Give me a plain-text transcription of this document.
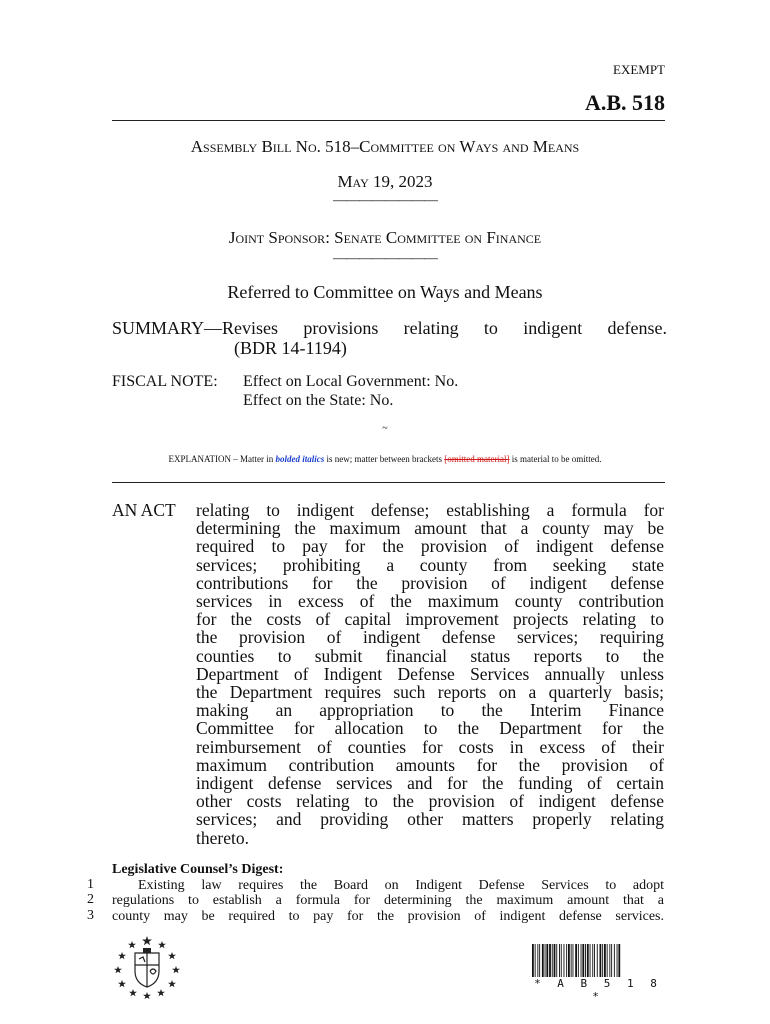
EXEMPT
A.B. 518
Assembly Bill No. 518–Committee on Ways and Means
May 19, 2023
————————
Joint Sponsor: Senate Committee on Finance
————————
Referred to Committee on Ways and Means
SUMMARY—Revises provisions relating to indigent defense.
(BDR 14-1194)
FISCAL NOTE: Effect on Local Government: No.
Effect on the State: No.
~
EXPLANATION – Matter in bolded italics is new; matter between brackets [omitted material] is material to be omitted.
AN ACT relating to indigent defense; establishing a formula for

determining the maximum amount that a county may be

required to pay for the provision of indigent defense

services; prohibiting a county from seeking state

contributions for the provision of indigent defense

services in excess of the maximum county contribution

for the costs of capital improvement projects relating to

the provision of indigent defense services; requiring

counties to submit financial status reports to the

Department of Indigent Defense Services annually unless

the Department requires such reports on a quarterly basis;

making an appropriation to the Interim Finance

Committee for allocation to the Department for the

reimbursement of counties for costs in excess of their

maximum contribution amounts for the provision of

indigent defense services and for the funding of certain

other costs relating to the provision of indigent defense

services; and providing other matters properly relating

thereto.

Legislative Counsel’s Digest:
Existing law requires the Board on Indigent Defense Services to adopt
regulations to establish a formula for determining the maximum amount that a
county may be required to pay for the provision of indigent defense services.
1
2
3
* A B 5 1 8 *
